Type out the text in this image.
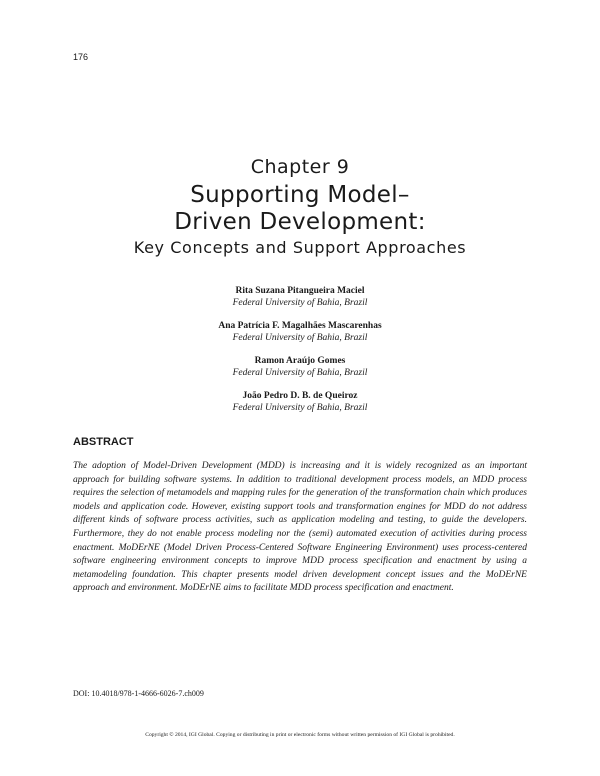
176
Chapter 9
Supporting Model–
Driven Development:
Key Concepts and Support Approaches
Rita Suzana Pitangueira Maciel
Federal University of Bahia, Brazil
Ana Patrícia F. Magalhães Mascarenhas
Federal University of Bahia, Brazil
Ramon Araújo Gomes
Federal University of Bahia, Brazil
João Pedro D. B. de Queiroz
Federal University of Bahia, Brazil
ABSTRACT

The adoption of Model-Driven Development (MDD) is increasing and it is widely recognized as an important approach for building software systems. In addition to traditional development process models, an MDD process requires the selection of metamodels and mapping rules for the generation of the transformation chain which produces models and application code. However, existing support tools and transformation engines for MDD do not address different kinds of software process activities, such as application modeling and testing, to guide the developers. Furthermore, they do not enable process modeling nor the (semi) automated execution of activities during process enactment. MoDErNE (Model Driven Process-Centered Software Engineering Environment) uses process-centered software engineering environment concepts to improve MDD process specification and enactment by using a metamodeling foundation. This chapter presents model driven development concept issues and the MoDErNE approach and environment. MoDErNE aims to facilitate MDD process specification and enactment.

DOI: 10.4018/978-1-4666-6026-7.ch009
Copyright © 2014, IGI Global. Copying or distributing in print or electronic forms without written permission of IGI Global is prohibited.
